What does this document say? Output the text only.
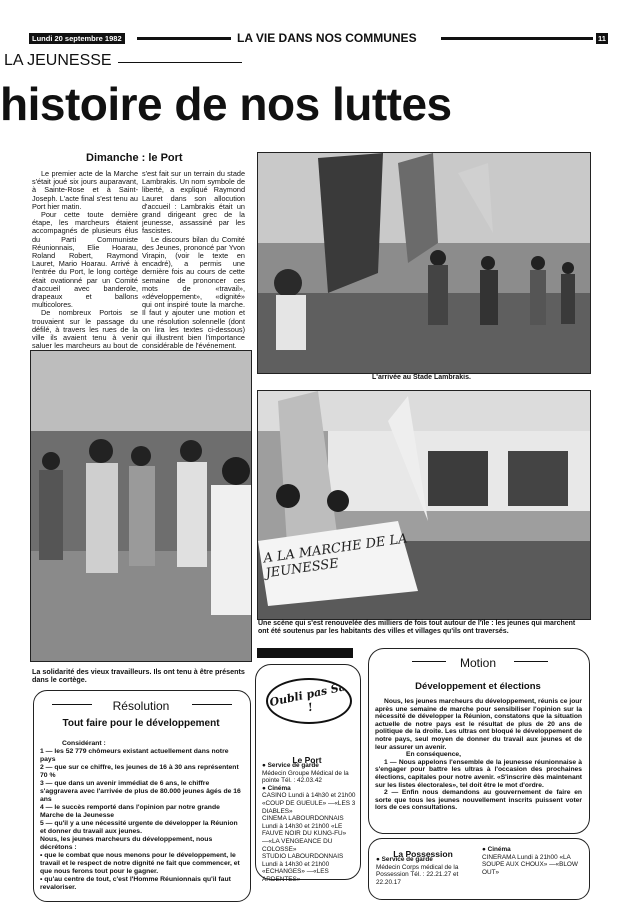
Lundi 20 septembre 1982	LA VIE DANS NOS COMMUNES	11
LA JEUNESSE
histoire de nos luttes
Dimanche : le Port

Le premier acte de la Marche s'était joué six jours auparavant, à Sainte-Rose et à Saint-Joseph. L'acte final s'est tenu au Port hier matin.

Pour cette toute dernière étape, les marcheurs étaient accompagnés de plusieurs élus du Parti Communiste Réunionnais, Elie Hoarau, Roland Robert, Raymond Lauret, Mario Hoarau. Arrivé à l'entrée du Port, le long cortège était ovationné par un Comité d'accueil avec banderole, drapeaux et ballons multicolores.

De nombreux Portois se trouvaient sur le passage du défilé, à travers les rues de la ville ils avaient tenu à venir saluer les marcheurs au bout de

s'est fait sur un terrain du stade Lambrakis. Un nom symbole de liberté, a expliqué Raymond Lauret dans son allocution d'accueil : Lambrakis était un grand dirigeant grec de la jeunesse, assassiné par les fascistes.

Le discours bilan du Comité des Jeunes, prononcé par Yvon Virapin, (voir le texte en encadré), a permis une dernière fois au cours de cette semaine de prononcer ces mots de «travail», «développement», «dignité» qui ont inspiré toute la marche. Il faut y ajouter une motion et une résolution solennelle (dont on lira les textes ci-dessous) qui illustrent bien l'importance considérable de l'événement.

L'arrivée au Stade Lambrakis.

La solidarité des vieux travailleurs. Ils ont tenu à être présents dans le cortège.

A LA MARCHE DE LA JEUNESSE

Une scène qui s'est renouvelée des milliers de fois tout autour de l'île : les jeunes qui marchent ont été soutenus par les habitants des villes et villages qu'ils ont traversés.

Résolution
Tout faire pour le développement

Considérant :

1 — les 52 779 chômeurs existant actuellement dans notre pays

2 — que sur ce chiffre, les jeunes de 16 à 30 ans représentent 70 %

3 — que dans un avenir immédiat de 6 ans, le chiffre s'aggravera avec l'arrivée de plus de 80.000 jeunes âgés de 16 ans

4 — le succès remporté dans l'opinion par notre grande Marche de la Jeunesse

5 — qu'il y a une nécessité urgente de développer la Réunion et donner du travail aux jeunes.

Nous, les jeunes marcheurs du développement, nous décrétons :

• que le combat que nous menons pour le développement, le travail et le respect de notre dignité ne fait que commencer, et que nous ferons tout pour le gagner.

• qu'au centre de tout, c'est l'Homme Réunionnais qu'il faut revaloriser.

Oubli pas Sa !
Le Port

● Service de garde

Médecin Groupe Médical de la pointe Tél. : 42.03.42

● Cinéma

CASINO Lundi à 14h30 et 21h00 «COUP DE GUEULE» —«LES 3 DIABLES»

CINEMA LABOURDONNAIS Lundi à 14h30 et 21h00 «LE FAUVE NOIR DU KUNG-FU» —«LA VENGEANCE DU COLOSSE»

STUDIO LABOURDONNAIS Lundi à 14h30 et 21h00 «ECHANGES» —«LES ARDENTES»

Motion
Développement et élections

Nous, les jeunes marcheurs du développement, réunis ce jour après une semaine de marche pour sensibiliser l'opinion sur la nécessité de développer la Réunion, constatons que la situation actuelle de notre pays est le résultat de plus de 20 ans de politique de la droite. Les ultras ont bloqué le développement de notre pays, seul moyen de donner du travail aux jeunes et de leur assurer un avenir.

En conséquence,

1 — Nous appelons l'ensemble de la jeunesse réunionnaise à s'engager pour battre les ultras à l'occasion des prochaines élections, capitales pour notre avenir. «S'inscrire dès maintenant sur les listes électorales», tel doit être le mot d'ordre.

2 — Enfin nous demandons au gouvernement de faire en sorte que tous les jeunes nouvellement inscrits puissent voter lors de ces consultations.

La Possession

● Service de garde

Médecin Corps médical de la Possession Tél. : 22.21.27 et 22.20.17

● Cinéma

CINERAMA Lundi à 21h00 «LA SOUPE AUX CHOUX» —«BLOW OUT»
